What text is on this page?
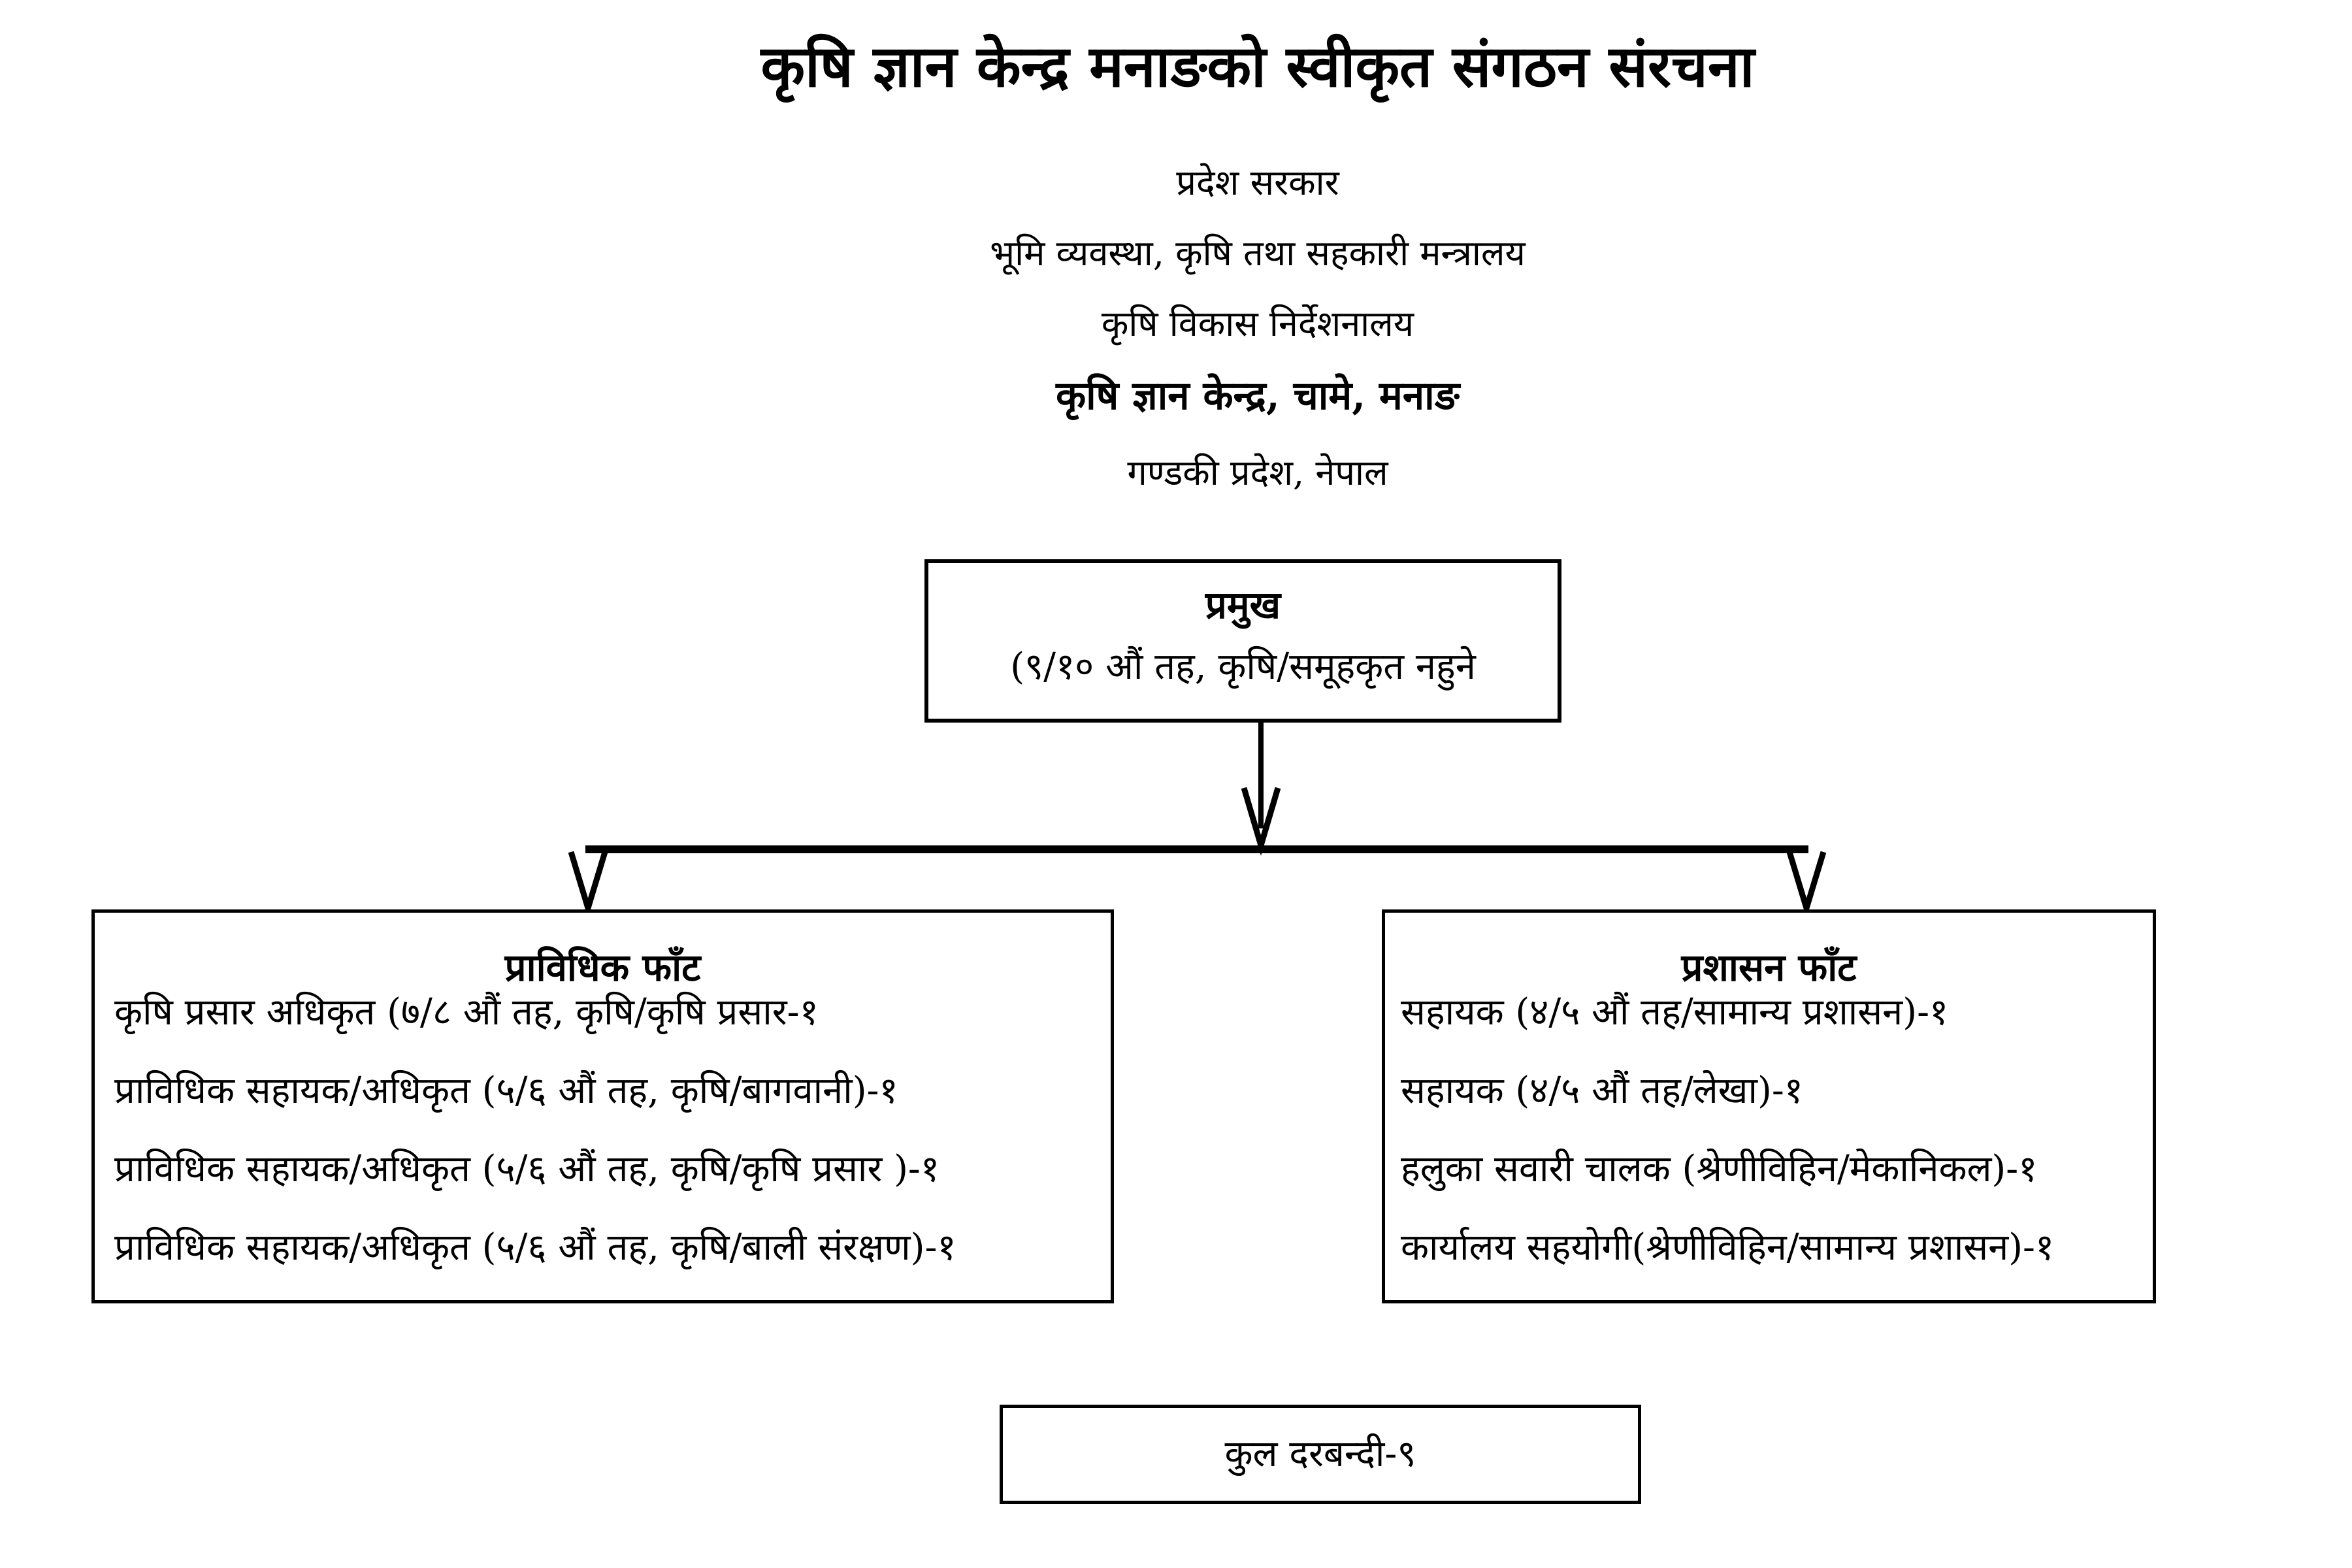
कृषि ज्ञान केन्द्र मनाङको स्वीकृत संगठन संरचना
प्रदेश सरकार
भूमि व्यवस्था, कृषि तथा सहकारी मन्त्रालय
कृषि विकास निर्देशनालय
कृषि ज्ञान केन्द्र, चामे, मनाङ
गण्डकी प्रदेश, नेपाल
प्रमुख
(९/१० औं तह, कृषि/समूहकृत नहुने
प्राविधिक फाँट
कृषि प्रसार अधिकृत (७/८ औं तह, कृषि/कृषि प्रसार-१
प्राविधिक सहायक/अधिकृत (५/६ औं तह, कृषि/बागवानी)-१
प्राविधिक सहायक/अधिकृत (५/६ औं तह, कृषि/कृषि प्रसार )-१
प्राविधिक सहायक/अधिकृत (५/६ औं तह, कृषि/बाली संरक्षण)-१
प्रशासन फाँट
सहायक (४/५ औं तह/सामान्य प्रशासन)-१
सहायक (४/५ औं तह/लेखा)-१
हलुका सवारी चालक (श्रेणीविहिन/मेकानिकल)-१
कार्यालय सहयोगी(श्रेणीविहिन/सामान्य प्रशासन)-१
कुल दरबन्दी-९
